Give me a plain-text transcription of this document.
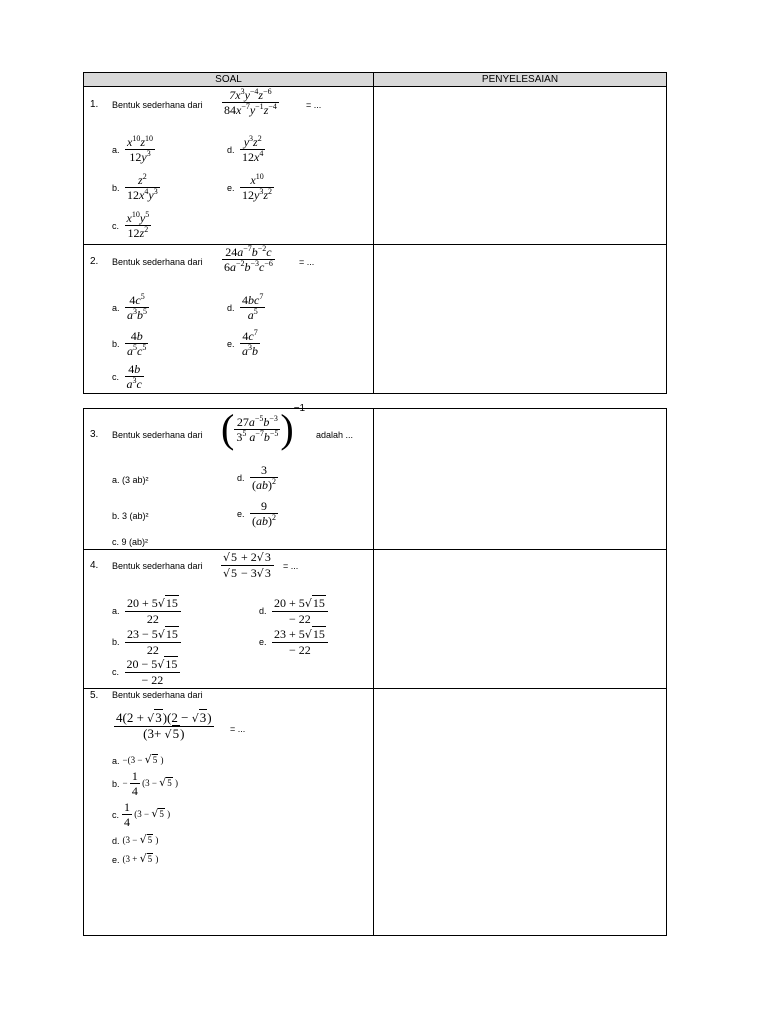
SOAL	PENYELESAIAN
1. Bentuk sederhana dari $\frac{7x^3y^{-4}z^{-6}}{84x^{-7}y^{-1}z^{-4}}$	= ...
a. $\frac{x^{10}z^{10}}{12y^3}$
b. $\frac{z^2}{12x^4y^3}$
c. $\frac{x^{10}y^5}{12z^2}$
d. $\frac{y^3z^2}{12x^4}$
e. $\frac{x^{10}}{12y^3z^2}$
2. Bentuk sederhana dari $\frac{24a^{-7}b^{-2}c}{6a^{-2}b^{-3}c^{-6}}$	= ...
a. $\frac{4c^5}{a^3b^5}$
b. $\frac{4b}{a^5c^5}$
c. $\frac{4b}{a^3c}$
d. $\frac{4bc^7}{a^5}$
e. $\frac{4c^7}{a^3b}$
3. Bentuk sederhana dari ( $\frac{27a^{-5}b^{-3}}{3^5 a^{-7}b^{-5}} )^{-1}$
adalah ...
a. (3 ab)²
b. 3 (ab)²
c. 9 (ab)²
d. $\frac{3}{(ab)^2}$
e. $\frac{9}{(ab)^2}$
4. Bentuk sederhana dari $\frac{√5 + 2√3}{√5 - 3√3}$ = ...
a. $\frac{20 + 5√15}{22}$
b. $\frac{23 - 5√15}{22}$
c. $\frac{20 - 5√15}{- 22}$
d. $\frac{20 + 5√15}{- 22}$
e. $\frac{23 + 5√15}{- 22}$
5. Bentuk sederhana dari
$\frac{4(2 + √3)(2 - √3)}{(3+ √5)}$ = ...
a. −(3 − √5 )
b. − $\frac{1}{4} (3 - √5$ )
c. $\frac{1}{4} (3 - √5$ )
d. (3 − √5 )
e. (3 + √5 )
